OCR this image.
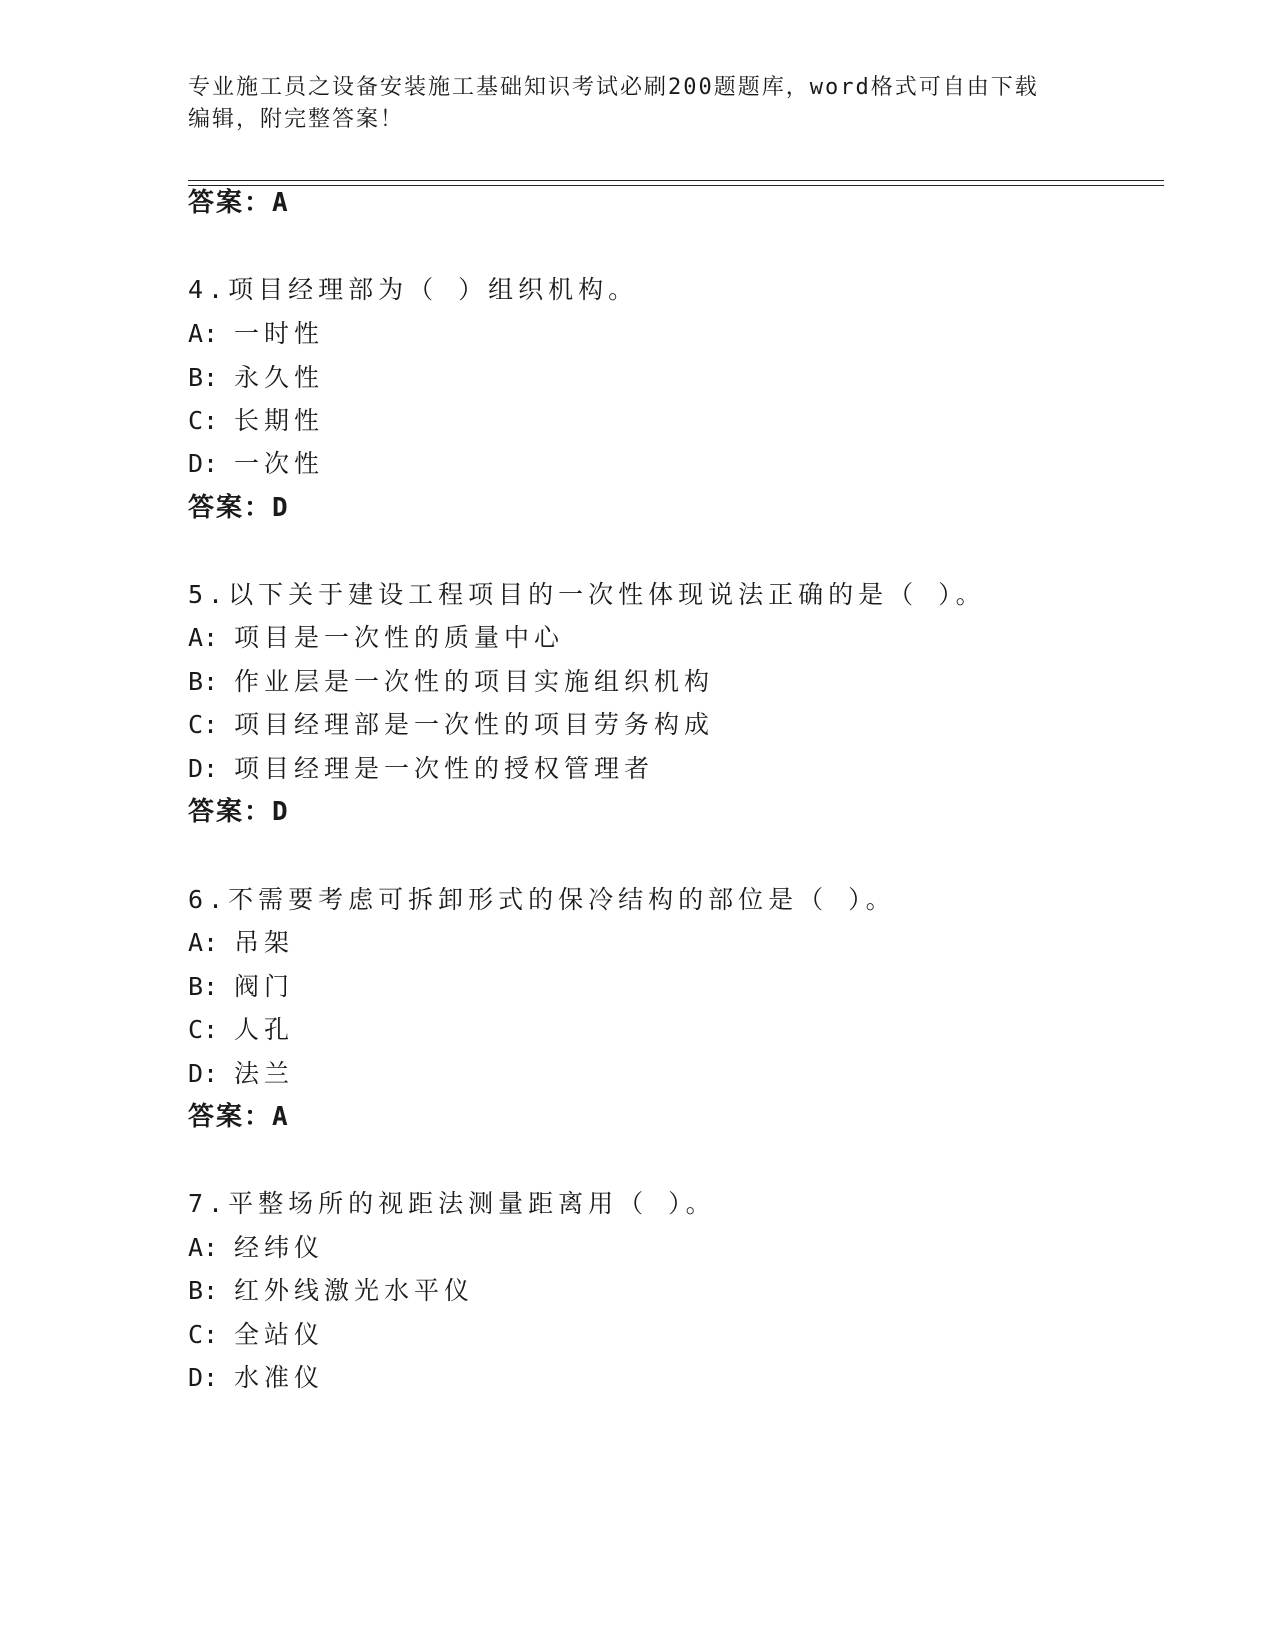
专业施工员之设备安装施工基础知识考试必刷200题题库，word格式可自由下载
编辑，附完整答案！
答案：A
4.项目经理部为（ ）组织机构。
A: 一时性
B: 永久性
C: 长期性
D: 一次性
答案：D
5.以下关于建设工程项目的一次性体现说法正确的是（ ）。
A: 项目是一次性的质量中心
B: 作业层是一次性的项目实施组织机构
C: 项目经理部是一次性的项目劳务构成
D: 项目经理是一次性的授权管理者
答案：D
6.不需要考虑可拆卸形式的保冷结构的部位是（ ）。
A: 吊架
B: 阀门
C: 人孔
D: 法兰
答案：A
7.平整场所的视距法测量距离用（ ）。
A: 经纬仪
B: 红外线激光水平仪
C: 全站仪
D: 水准仪
